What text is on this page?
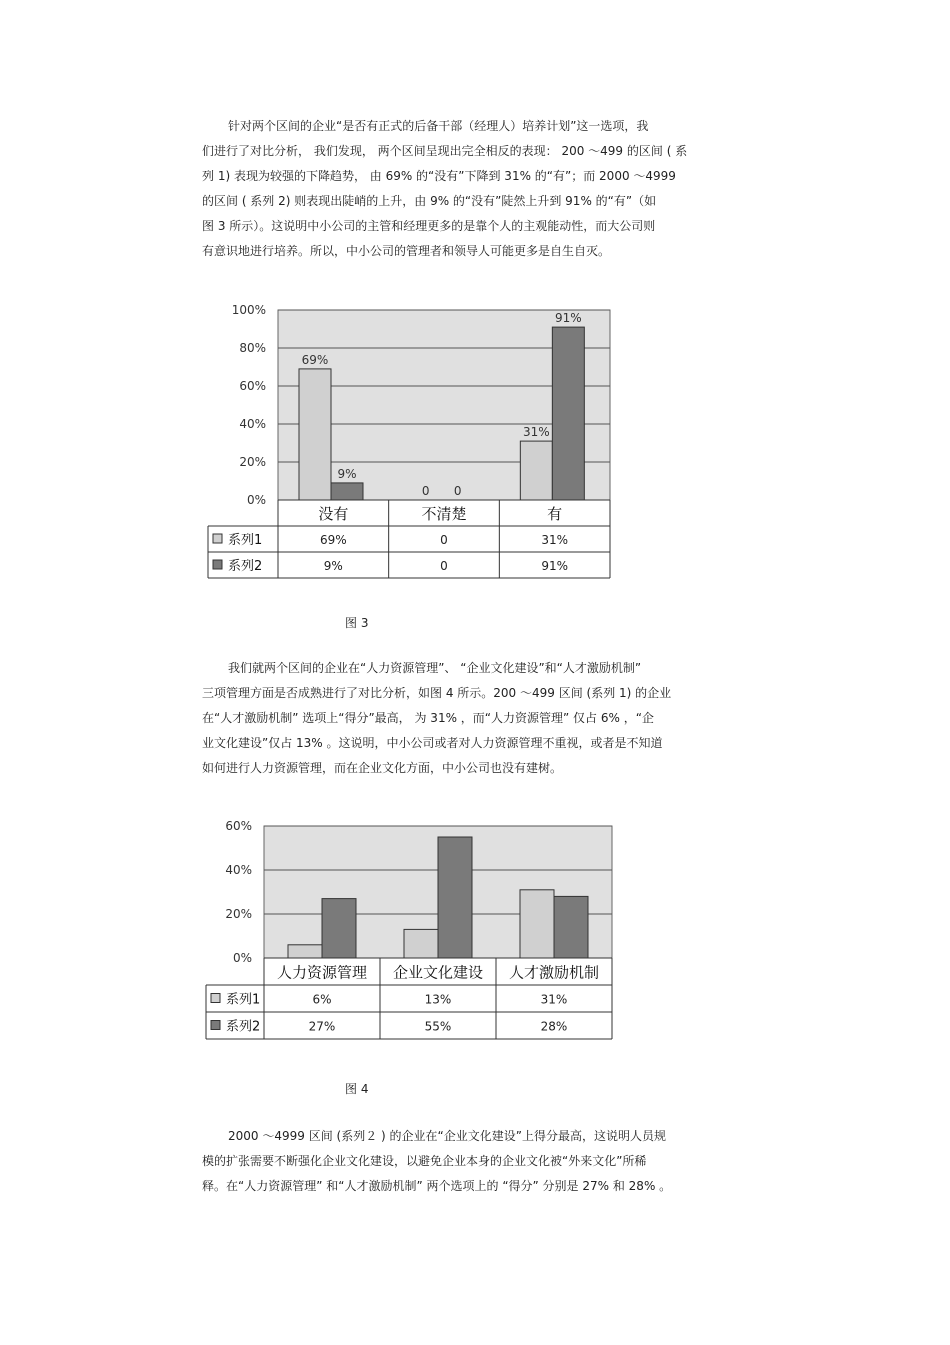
针对两个区间的企业“是否有正式的后备干部（经理人）培养计划”这一选项，我
们进行了对比分析， 我们发现， 两个区间呈现出完全相反的表现： 200 ～499 的区间 ( 系
列 1) 表现为较强的下降趋势， 由 69% 的“没有”下降到 31% 的“有”；而 2000 ～4999
的区间 ( 系列 2) 则表现出陡峭的上升，由 9% 的“没有”陡然上升到 91% 的“有”（如
图 3 所示）。这说明中小公司的主管和经理更多的是靠个人的主观能动性，而大公司则
有意识地进行培养。所以，中小公司的管理者和领导人可能更多是自生自灭。
0%
20%
40%
60%
80%
100%
69%
9%
0 0
31%
91%
没有	不清楚	有
系列1	69%	0	31%
系列2	9%	0	91%
图 3
我们就两个区间的企业在“人力资源管理”、 “企业文化建设”和“人才激励机制”
三项管理方面是否成熟进行了对比分析，如图 4 所示。200 ～499 区间 (系列 1) 的企业
在“人才激励机制” 选项上“得分”最高， 为 31% ，而“人力资源管理” 仅占 6% ，“企
业文化建设”仅占 13% 。这说明，中小公司或者对人力资源管理不重视，或者是不知道
如何进行人力资源管理，而在企业文化方面，中小公司也没有建树。
0%
20%
40%
60%
人力资源管理 企业文化建设 人才激励机制
系列1	6%	13%	31%
系列2	27%	55%	28%
图 4
2000 ～4999 区间 (系列２ ) 的企业在“企业文化建设”上得分最高，这说明人员规
模的扩张需要不断强化企业文化建设，以避免企业本身的企业文化被“外来文化”所稀
释。在“人力资源管理” 和“人才激励机制” 两个选项上的 “得分” 分别是 27% 和 28% 。
